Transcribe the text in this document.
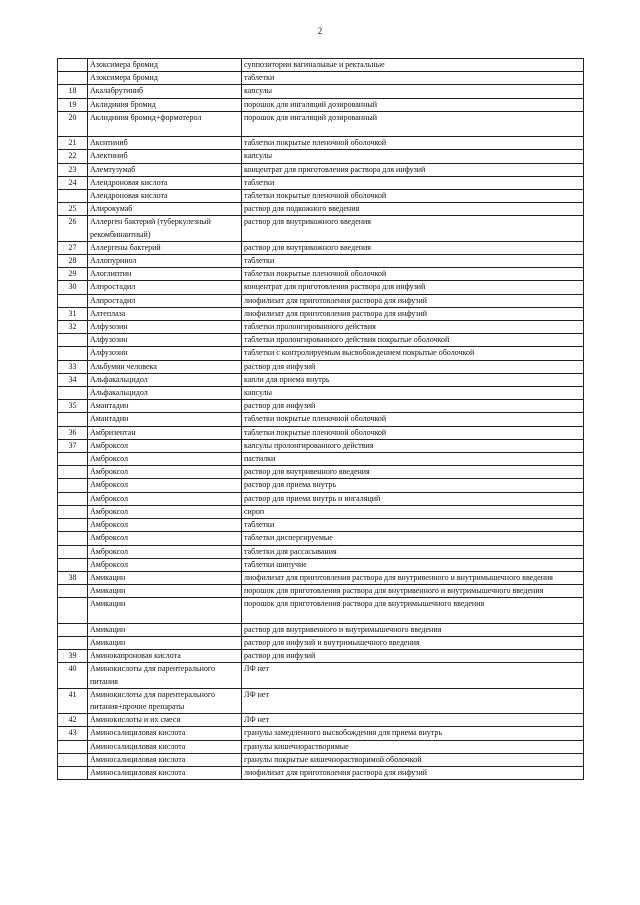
2
	Азоксимера бромид	суппозитории вагинальные и ректальные
	Азоксимера бромид	таблетки
18	Акалабрутиниб	капсулы
19	Аклидиния бромид	порошок для ингаляций дозированный
20	Аклидиния бромид+формотерол	порошок для ингаляций дозированный
21	Акситиниб	таблетки покрытые пленочной оболочкой
22	Алектиниб	капсулы
23	Алемтузумаб	концентрат для приготовления раствора для инфузий
24	Алендроновая кислота	таблетки
	Алендроновая кислота	таблетки покрытые пленочной оболочкой
25	Алирокумаб	раствор для подкожного введения
26	Аллерген бактерий (туберкулезный рекомбинантный)	раствор для внутрикожного введения
27	Аллергены бактерий	раствор для внутрикожного введения
28	Аллопуринол	таблетки
29	Алоглиптин	таблетки покрытые пленочной оболочкой
30	Алпростадил	концентрат для приготовления раствора для инфузий
	Алпростадил	лиофилизат для приготовления раствора для инфузий
31	Алтеплаза	лиофилизат для приготовления раствора для инфузий
32	Алфузозин	таблетки пролонгированного действия
	Алфузозин	таблетки пролонгированного действия покрытые оболочкой
	Алфузозин	таблетки с контролируемым высвобождением покрытые оболочкой
33	Альбумин человека	раствор для инфузий
34	Альфакальцидол	капли для приема внутрь
	Альфакальцидол	капсулы
35	Амантадин	раствор для инфузий
	Амантадин	таблетки покрытые пленочной оболочкой
36	Амбризентан	таблетки покрытые пленочной оболочкой
37	Амброксол	капсулы пролонгированного действия
	Амброксол	пастилки
	Амброксол	раствор для внутривенного введения
	Амброксол	раствор для приема внутрь
	Амброксол	раствор для приема внутрь и ингаляций
	Амброксол	сироп
	Амброксол	таблетки
	Амброксол	таблетки диспергируемые
	Амброксол	таблетки для рассасывания
	Амброксол	таблетки шипучие
38	Амикацин	лиофилизат для приготовления раствора для внутривенного и внутримышечного введения
	Амикацин	порошок для приготовления раствора для внутривенного и внутримышечного введения
	Амикацин	порошок для приготовления раствора для внутримышечного введения
	Амикацин	раствор для внутривенного и внутримышечного введения
	Амикацин	раствор для инфузий и внутримышечного введения
39	Аминокапроновая кислота	раствор для инфузий
40	Аминокислоты для парентерального питания	ЛФ нет
41	Аминокислоты для парентерального питания+прочие препараты	ЛФ нет
42	Аминокислоты и их смеси	ЛФ нет
43	Аминосалициловая кислота	гранулы замедленного высвобождения для приема внутрь
	Аминосалициловая кислота	гранулы кишечнорастворимые
	Аминосалициловая кислота	гранулы покрытые кишечнорастворимой оболочкой
	Аминосалициловая кислота	лиофилизат для приготовления раствора для инфузий
